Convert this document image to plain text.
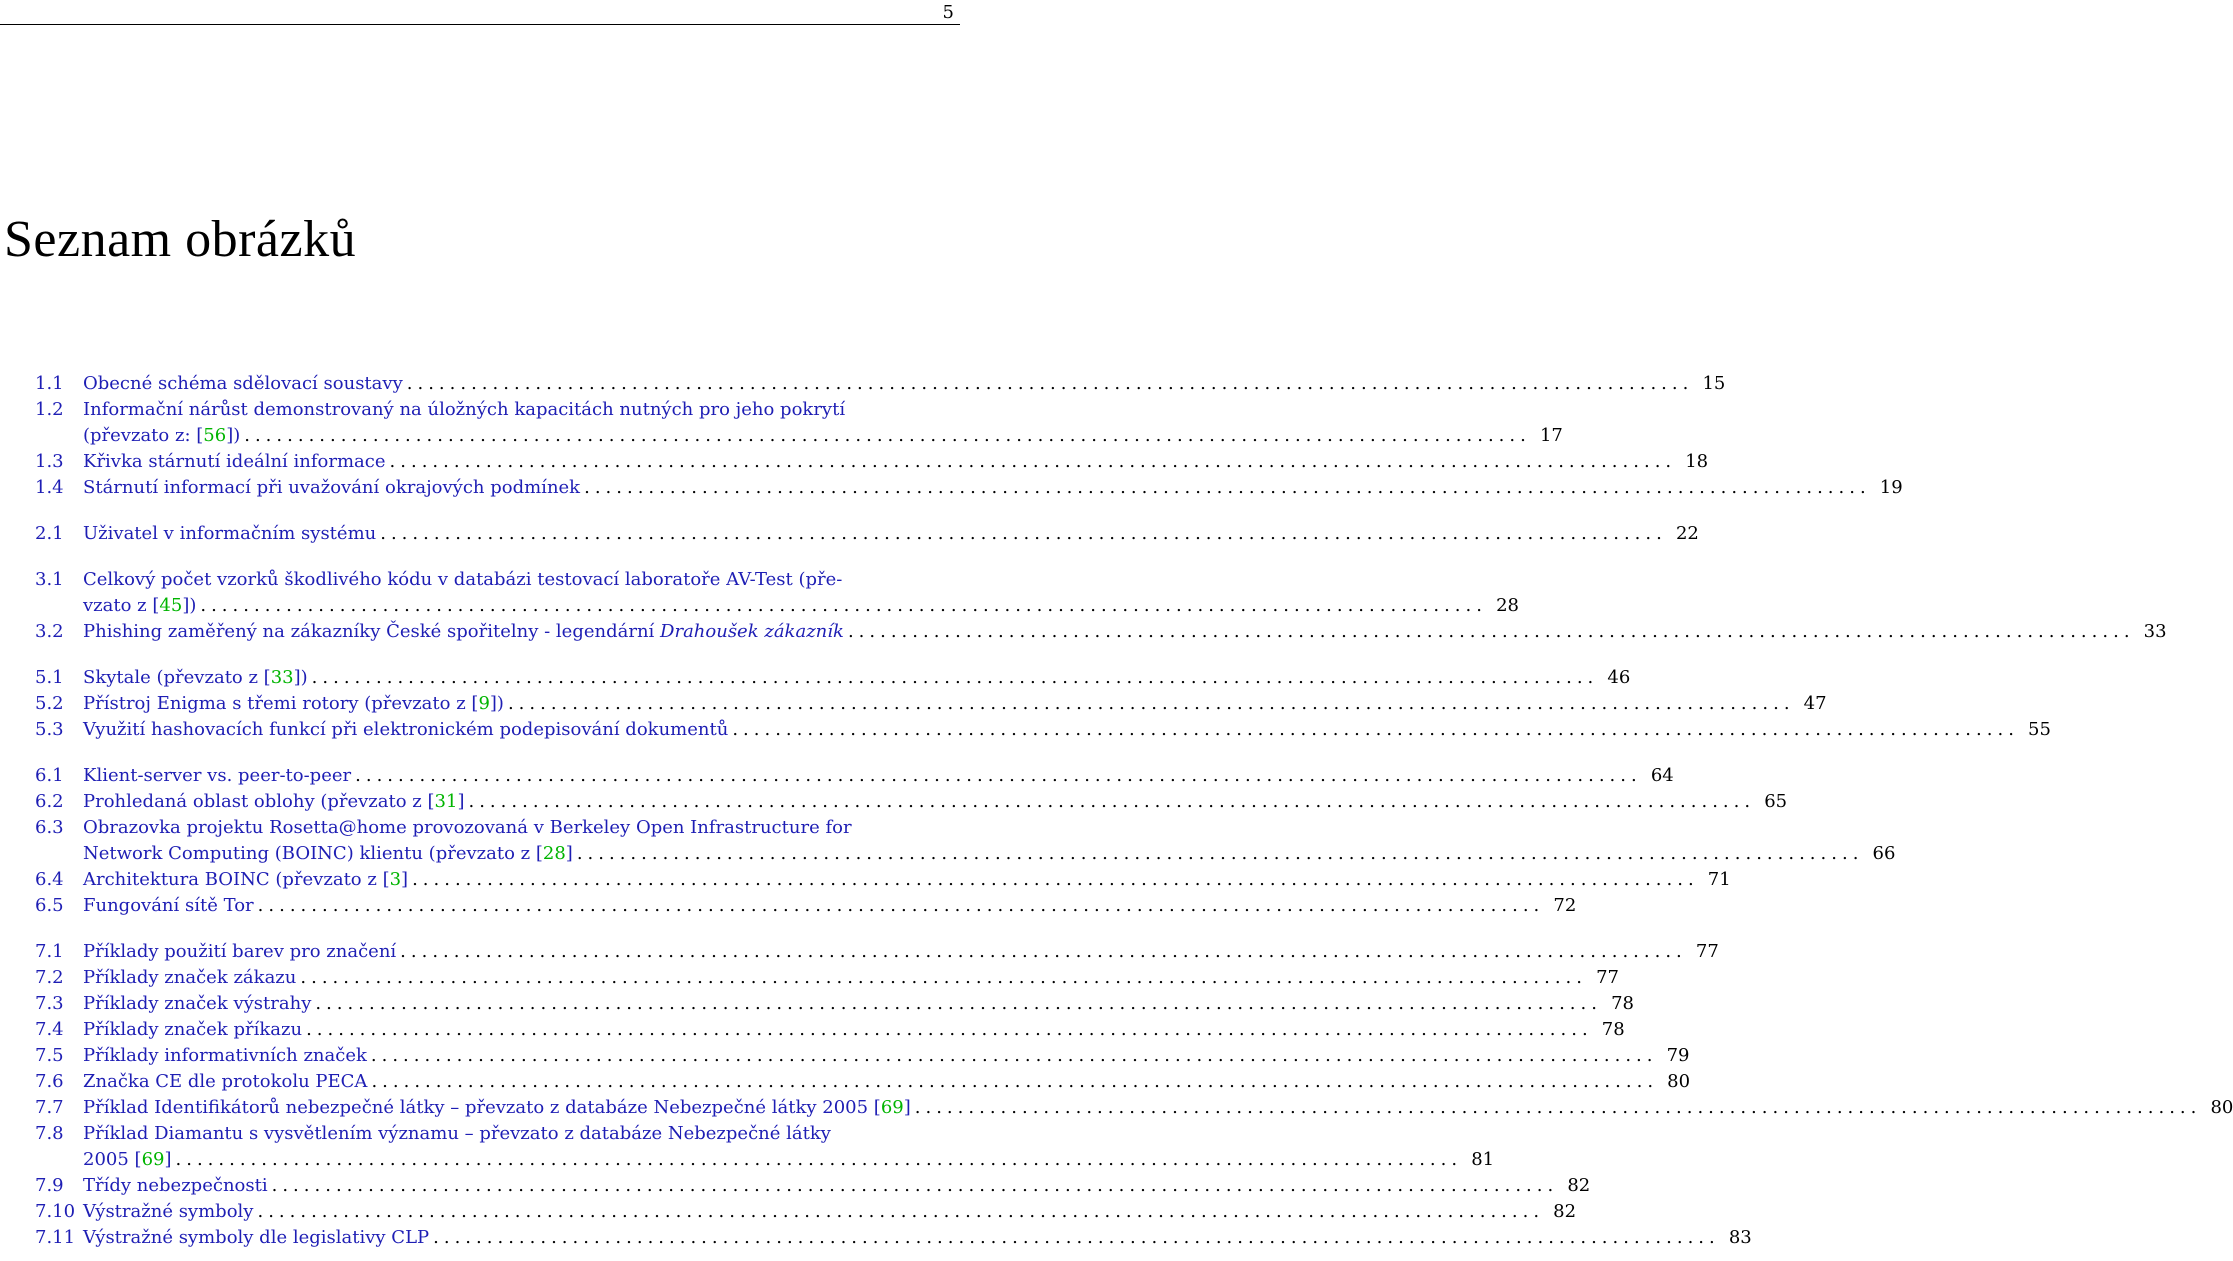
5
Seznam obrázků
1.1	Obecné schéma sdělovací soustavy ........................................................................................................................ 15
1.2	Informační nárůst demonstrovaný na úložných kapacitách nutných pro jeho pokrytí
(převzato z: [56]) ........................................................................................................................ 17
1.3	Křivka stárnutí ideální informace ........................................................................................................................ 18
1.4	Stárnutí informací při uvažování okrajových podmínek ........................................................................................................................ 19
2.1	Uživatel v informačním systému ........................................................................................................................ 22
3.1	Celkový počet vzorků škodlivého kódu v databázi testovací laboratoře AV-Test (pře-
vzato z [45]) ........................................................................................................................ 28
3.2	Phishing zaměřený na zákazníky České spořitelny - legendární Drahoušek zákazník ........................................................................................................................ 33
5.1	Skytale (převzato z [33]) ........................................................................................................................ 46
5.2	Přístroj Enigma s třemi rotory (převzato z [9]) ........................................................................................................................ 47
5.3	Využití hashovacích funkcí při elektronickém podepisování dokumentů ........................................................................................................................ 55
6.1	Klient-server vs. peer-to-peer ........................................................................................................................ 64
6.2	Prohledaná oblast oblohy (převzato z [31] ........................................................................................................................ 65
6.3	Obrazovka projektu Rosetta@home provozovaná v Berkeley Open Infrastructure for
Network Computing (BOINC) klientu (převzato z [28] ........................................................................................................................ 66
6.4	Architektura BOINC (převzato z [3] ........................................................................................................................ 71
6.5	Fungování sítě Tor ........................................................................................................................ 72
7.1	Příklady použití barev pro značení ........................................................................................................................ 77
7.2	Příklady značek zákazu ........................................................................................................................ 77
7.3	Příklady značek výstrahy ........................................................................................................................ 78
7.4	Příklady značek příkazu ........................................................................................................................ 78
7.5	Příklady informativních značek ........................................................................................................................ 79
7.6	Značka CE dle protokolu PECA ........................................................................................................................ 80
7.7	Příklad Identifikátorů nebezpečné látky – převzato z databáze Nebezpečné látky 2005 [69] ........................................................................................................................ 80
7.8	Příklad Diamantu s vysvětlením významu – převzato z databáze Nebezpečné látky
2005 [69] ........................................................................................................................ 81
7.9	Třídy nebezpečnosti ........................................................................................................................ 82
7.10 Výstražné symboly ........................................................................................................................ 82
7.11 Výstražné symboly dle legislativy CLP ........................................................................................................................ 83
